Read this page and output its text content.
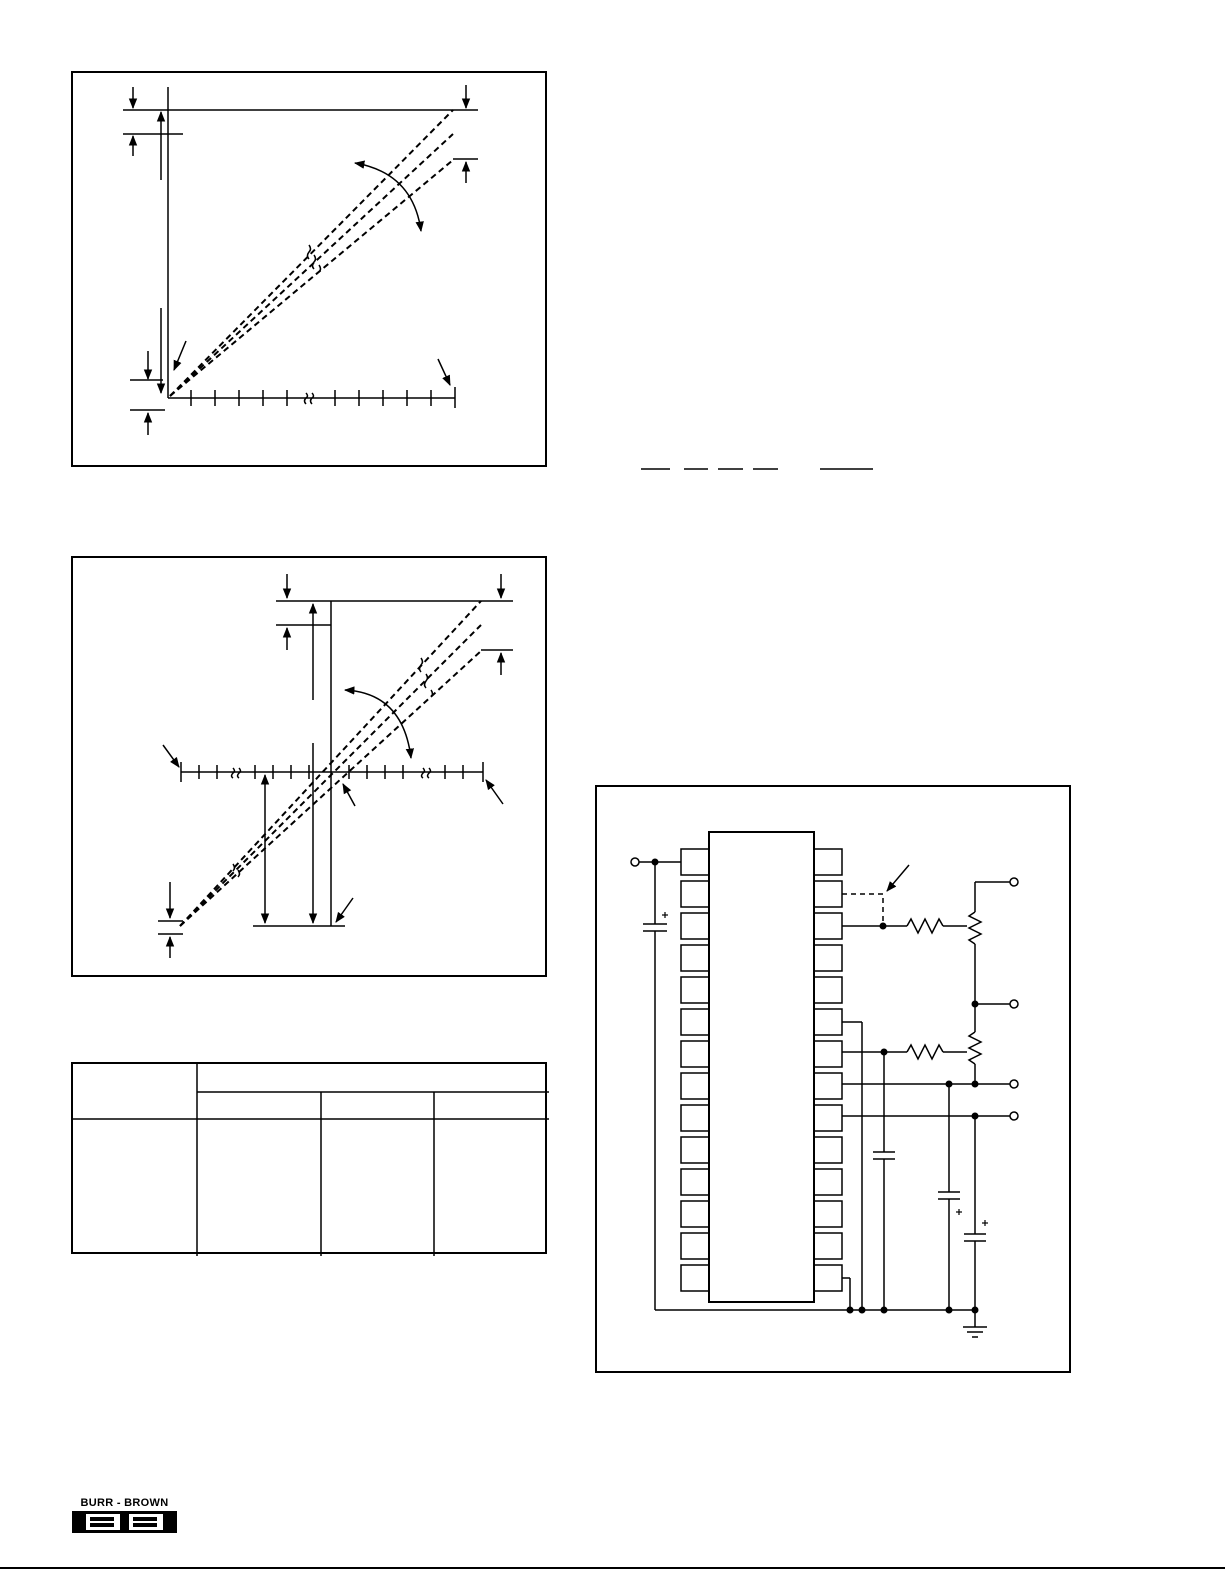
BURR - BROWN
